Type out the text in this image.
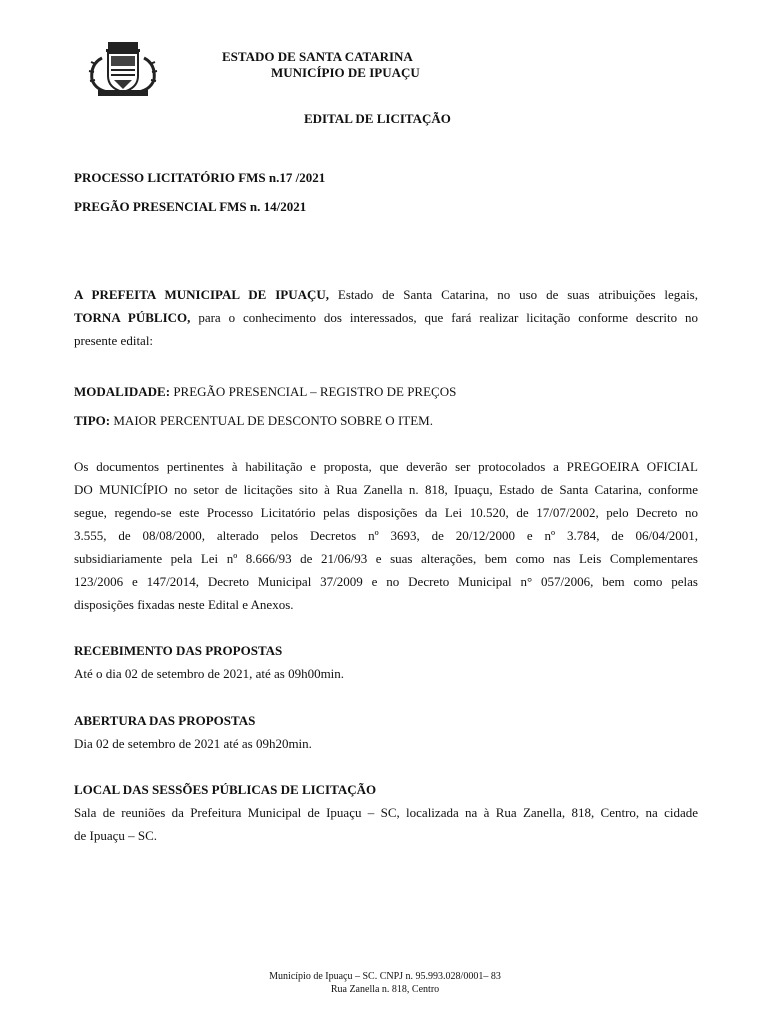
ESTADO DE SANTA CATARINA
MUNICÍPIO DE IPUAÇU
EDITAL DE LICITAÇÃO
PROCESSO LICITATÓRIO FMS n.17 /2021
PREGÃO PRESENCIAL FMS n. 14/2021
A PREFEITA MUNICIPAL DE IPUAÇU, Estado de Santa Catarina, no uso de suas atribuições legais,
TORNA PÚBLICO, para o conhecimento dos interessados, que fará realizar licitação conforme descrito no
presente edital:
MODALIDADE: PREGÃO PRESENCIAL – REGISTRO DE PREÇOS
TIPO: MAIOR PERCENTUAL DE DESCONTO SOBRE O ITEM.
Os documentos pertinentes à habilitação e proposta, que deverão ser protocolados a PREGOEIRA OFICIAL
DO MUNICÍPIO no setor de licitações sito à Rua Zanella n. 818, Ipuaçu, Estado de Santa Catarina, conforme
segue, regendo-se este Processo Licitatório pelas disposições da Lei 10.520, de 17/07/2002, pelo Decreto no
3.555, de 08/08/2000, alterado pelos Decretos nº 3693, de 20/12/2000 e nº 3.784, de 06/04/2001,
subsidiariamente pela Lei nº 8.666/93 de 21/06/93 e suas alterações, bem como nas Leis Complementares
123/2006 e 147/2014, Decreto Municipal 37/2009 e no Decreto Municipal n° 057/2006, bem como pelas
disposições fixadas neste Edital e Anexos.
RECEBIMENTO DAS PROPOSTAS
Até o dia 02 de setembro de 2021, até as 09h00min.
ABERTURA DAS PROPOSTAS
Dia 02 de setembro de 2021 até as 09h20min.
LOCAL DAS SESSÕES PÚBLICAS DE LICITAÇÃO
Sala de reuniões da Prefeitura Municipal de Ipuaçu – SC, localizada na à Rua Zanella, 818, Centro, na cidade
de Ipuaçu – SC.
Município de Ipuaçu – SC. CNPJ n. 95.993.028/0001– 83
Rua Zanella n. 818, Centro
